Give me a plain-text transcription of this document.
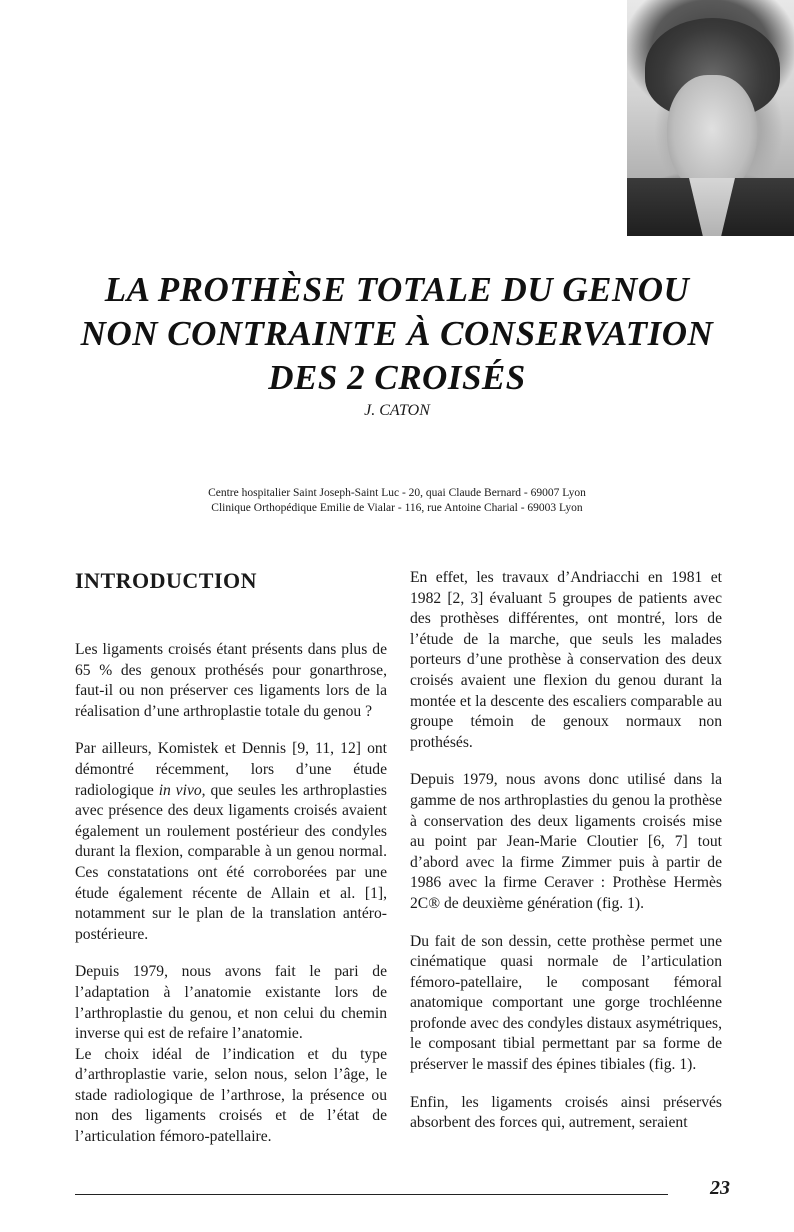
LA PROTHÈSE TOTALE DU GENOU
NON CONTRAINTE À CONSERVATION
DES 2 CROISÉS
J. CATON
Centre hospitalier Saint Joseph-Saint Luc - 20, quai Claude Bernard - 69007 Lyon
Clinique Orthopédique Emilie de Vialar - 116, rue Antoine Charial - 69003 Lyon
INTRODUCTION

Les ligaments croisés étant présents dans plus de 65 % des genoux prothésés pour gonarthrose, faut-il ou non préserver ces ligaments lors de la réalisation d’une arthroplastie totale du genou ?

Par ailleurs, Komistek et Dennis [9, 11, 12] ont démontré récemment, lors d’une étude radiologique in vivo, que seules les arthroplasties avec présence des deux ligaments croisés avaient également un roulement postérieur des condyles durant la flexion, comparable à un genou normal. Ces constatations ont été corroborées par une étude également récente de Allain et al. [1], notamment sur le plan de la translation antéro-postérieure.

Depuis 1979, nous avons fait le pari de l’adaptation à l’anatomie existante lors de l’arthroplastie du genou, et non celui du chemin inverse qui est de refaire l’anatomie.

Le choix idéal de l’indication et du type d’arthroplastie varie, selon nous, selon l’âge, le stade radiologique de l’arthrose, la présence ou non des ligaments croisés et de l’état de l’articulation fémoro-patellaire.

En effet, les travaux d’Andriacchi en 1981 et 1982 [2, 3] évaluant 5 groupes de patients avec des prothèses différentes, ont montré, lors de l’étude de la marche, que seuls les malades porteurs d’une prothèse à conservation des deux croisés avaient une flexion du genou durant la montée et la descente des escaliers comparable au groupe témoin de genoux normaux non prothésés.

Depuis 1979, nous avons donc utilisé dans la gamme de nos arthroplasties du genou la prothèse à conservation des deux ligaments croisés mise au point par Jean-Marie Cloutier [6, 7] tout d’abord avec la firme Zimmer puis à partir de 1986 avec la firme Ceraver : Prothèse Hermès 2C® de deuxième génération (fig. 1).

Du fait de son dessin, cette prothèse permet une cinématique quasi normale de l’articulation fémoro-patellaire, le composant fémoral anatomique comportant une gorge trochléenne profonde avec des condyles distaux asymétriques, le composant tibial permettant par sa forme de préserver le massif des épines tibiales (fig. 1).

Enfin, les ligaments croisés ainsi préservés absorbent des forces qui, autrement, seraient

23
